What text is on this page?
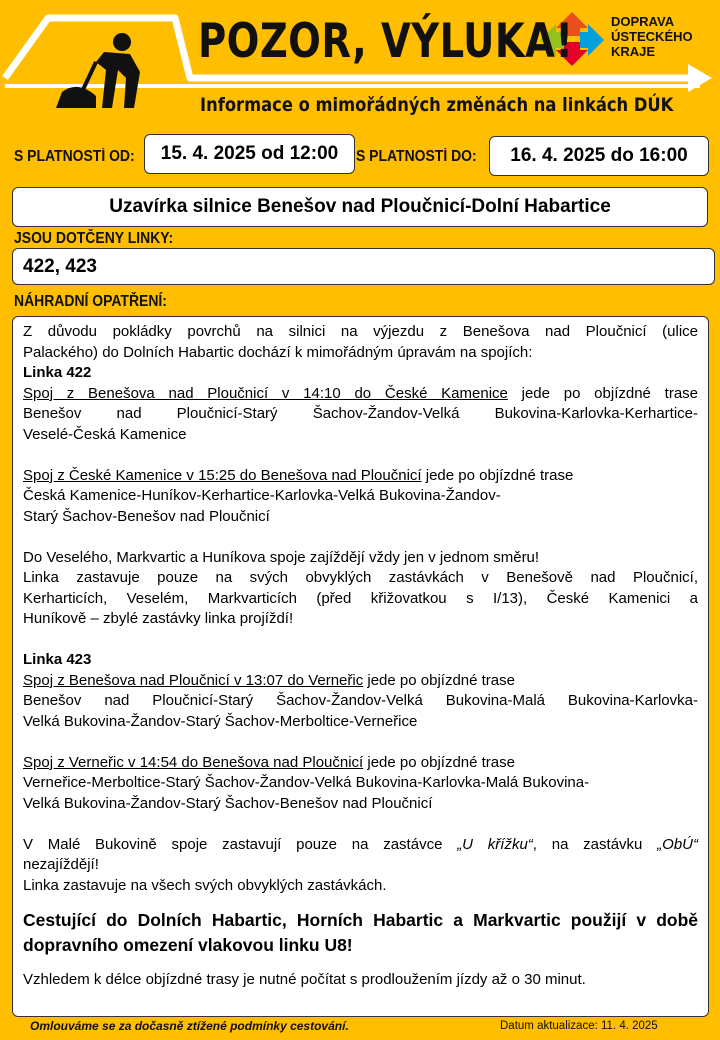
POZOR, VÝLUKA!
Informace o mimořádných změnách na linkách DÚK
DOPRAVA
ÚSTECKÉHO
KRAJE
S PLATNOSTÍ OD:	15. 4. 2025 od 12:00	S PLATNOSTÍ DO:	16. 4. 2025 do 16:00
Uzavírka silnice Benešov nad Ploučnicí-Dolní Habartice
JSOU DOTČENY LINKY:
422, 423
NÁHRADNÍ OPATŘENÍ:

Z důvodu pokládky povrchů na silnici na výjezdu z Benešova nad Ploučnicí (ulice

Palackého) do Dolních Habartic dochází k mimořádným úpravám na spojích:

Linka 422

Spoj z Benešova nad Ploučnicí v 14:10 do České Kamenice jede po objízdné trase

Benešov nad Ploučnicí-Starý Šachov-Žandov-Velká Bukovina-Karlovka-Kerhartice-

Veselé-Česká Kamenice

Spoj z České Kamenice v 15:25 do Benešova nad Ploučnicí jede po objízdné trase

Česká Kamenice-Huníkov-Kerhartice-Karlovka-Velká Bukovina-Žandov-

Starý Šachov-Benešov nad Ploučnicí

Do Veselého, Markvartic a Huníkova spoje zajíždějí vždy jen v jednom směru!

Linka zastavuje pouze na svých obvyklých zastávkách v Benešově nad Ploučnicí,

Kerharticích, Veselém, Markvarticích (před křižovatkou s I/13), České Kamenici a

Huníkově – zbylé zastávky linka projíždí!

Linka 423

Spoj z Benešova nad Ploučnicí v 13:07 do Verneřic jede po objízdné trase

Benešov nad Ploučnicí-Starý Šachov-Žandov-Velká Bukovina-Malá Bukovina-Karlovka-

Velká Bukovina-Žandov-Starý Šachov-Merboltice-Verneřice

Spoj z Verneřic v 14:54 do Benešova nad Ploučnicí jede po objízdné trase

Verneřice-Merboltice-Starý Šachov-Žandov-Velká Bukovina-Karlovka-Malá Bukovina-

Velká Bukovina-Žandov-Starý Šachov-Benešov nad Ploučnicí

V Malé Bukovině spoje zastavují pouze na zastávce „U křížku“, na zastávku „ObÚ“

nezajíždějí!

Linka zastavuje na všech svých obvyklých zastávkách.

Cestující do Dolních Habartic, Horních Habartic a Markvartic použijí v době

dopravního omezení vlakovou linku U8!

Vzhledem k délce objízdné trasy je nutné počítat s prodloužením jízdy až o 30 minut.

Omlouváme se za dočasně ztížené podmínky cestování.	Datum aktualizace: 11. 4. 2025
